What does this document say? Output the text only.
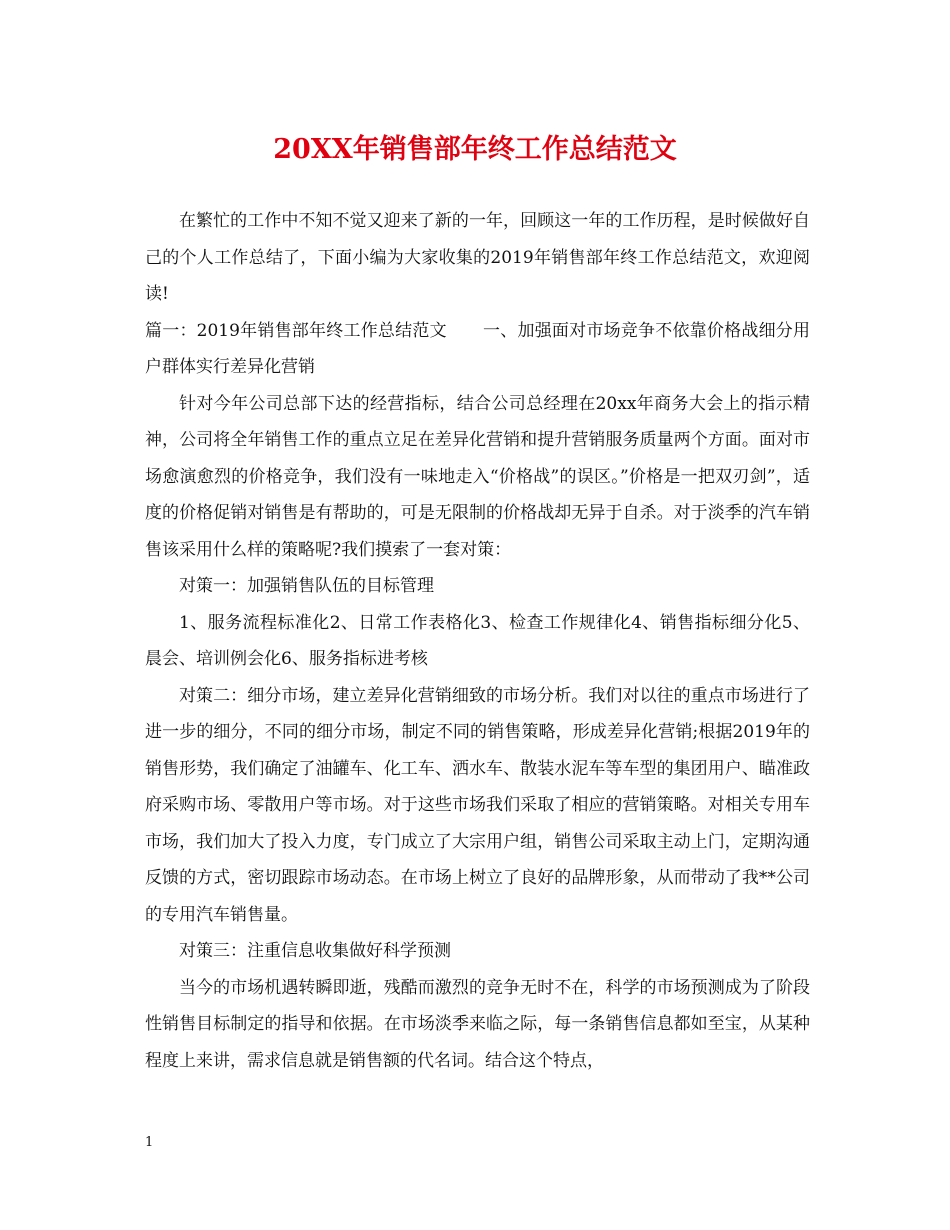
20XX年销售部年终工作总结范文

在繁忙的工作中不知不觉又迎来了新的一年，回顾这一年的工作历程，是时候做好自己的个人工作总结了，下面小编为大家收集的2019年销售部年终工作总结范文，欢迎阅读!

篇一：2019年销售部年终工作总结范文 一、加强面对市场竞争不依靠价格战细分用户群体实行差异化营销

针对今年公司总部下达的经营指标，结合公司总经理在20xx年商务大会上的指示精神，公司将全年销售工作的重点立足在差异化营销和提升营销服务质量两个方面。面对市场愈演愈烈的价格竞争，我们没有一味地走入“价格战”的误区。”价格是一把双刃剑”，适度的价格促销对销售是有帮助的，可是无限制的价格战却无异于自杀。对于淡季的汽车销售该采用什么样的策略呢?我们摸索了一套对策：

对策一：加强销售队伍的目标管理

1、服务流程标准化2、日常工作表格化3、检查工作规律化4、销售指标细分化5、晨会、培训例会化6、服务指标进考核

对策二：细分市场，建立差异化营销细致的市场分析。我们对以往的重点市场进行了进一步的细分，不同的细分市场，制定不同的销售策略，形成差异化营销;根据2019年的销售形势，我们确定了油罐车、化工车、洒水车、散装水泥车等车型的集团用户、瞄准政府采购市场、零散用户等市场。对于这些市场我们采取了相应的营销策略。对相关专用车市场，我们加大了投入力度，专门成立了大宗用户组，销售公司采取主动上门，定期沟通反馈的方式，密切跟踪市场动态。在市场上树立了良好的品牌形象，从而带动了我**公司的专用汽车销售量。

对策三：注重信息收集做好科学预测

当今的市场机遇转瞬即逝，残酷而激烈的竞争无时不在，科学的市场预测成为了阶段性销售目标制定的指导和依据。在市场淡季来临之际，每一条销售信息都如至宝，从某种程度上来讲，需求信息就是销售额的代名词。结合这个特点，

1
